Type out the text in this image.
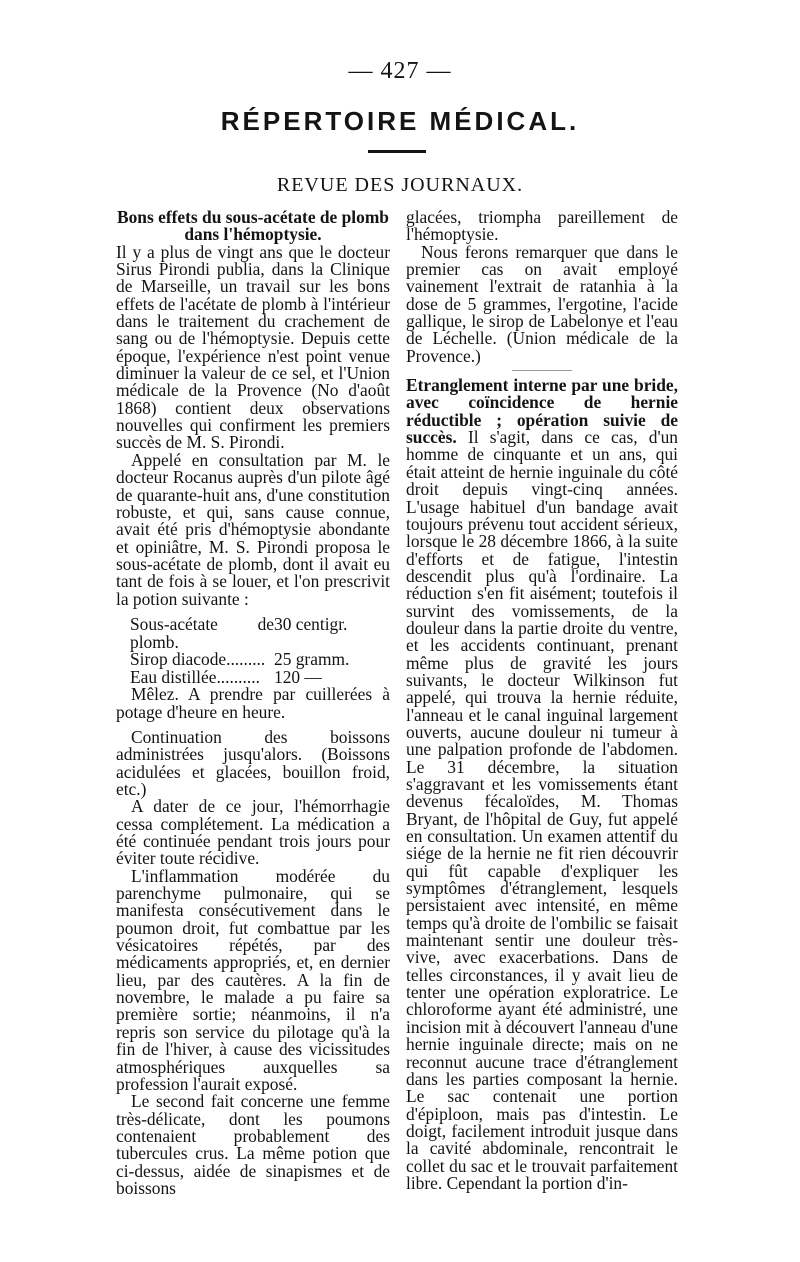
— 427 —
RÉPERTOIRE MÉDICAL.
REVUE DES JOURNAUX.
Bons effets du sous-acétate de plomb dans l'hémoptysie.

Il y a plus de vingt ans que le docteur Sirus Pirondi publia, dans la Clinique de Marseille, un travail sur les bons effets de l'acétate de plomb à l'intérieur dans le traitement du crachement de sang ou de l'hémoptysie. Depuis cette époque, l'expérience n'est point venue diminuer la valeur de ce sel, et l'Union médicale de la Provence (No d'août 1868) contient deux observations nouvelles qui confirment les premiers succès de M. S. Pirondi.

Appelé en consultation par M. le docteur Rocanus auprès d'un pilote âgé de quarante-huit ans, d'une constitution robuste, et qui, sans cause connue, avait été pris d'hémoptysie abondante et opiniâtre, M. S. Pirondi proposa le sous-acétate de plomb, dont il avait eu tant de fois à se louer, et l'on prescrivit la potion suivante :

Sous-acétate de plomb.
30 centigr.
Sirop diacode......... 25 gramm.
Eau distillée.......... 120 —

Mêlez. A prendre par cuillerées à potage d'heure en heure.

Continuation des boissons administrées jusqu'alors. (Boissons acidulées et glacées, bouillon froid, etc.)

A dater de ce jour, l'hémorrhagie cessa complétement. La médication a été continuée pendant trois jours pour éviter toute récidive.

L'inflammation modérée du parenchyme pulmonaire, qui se manifesta consécutivement dans le poumon droit, fut combattue par les vésicatoires répétés, par des médicaments appropriés, et, en dernier lieu, par des cautères. A la fin de novembre, le malade a pu faire sa première sortie; néanmoins, il n'a repris son service du pilotage qu'à la fin de l'hiver, à cause des vicissitudes atmosphériques auxquelles sa profession l'aurait exposé.

Le second fait concerne une femme très-délicate, dont les poumons contenaient probablement des tubercules crus. La même potion que ci-dessus, aidée de sinapismes et de boissons

glacées, triompha pareillement de l'hémoptysie.

Nous ferons remarquer que dans le premier cas on avait employé vainement l'extrait de ratanhia à la dose de 5 grammes, l'ergotine, l'acide gallique, le sirop de Labelonye et l'eau de Léchelle. (Union médicale de la Provence.)

Etranglement interne par une bride, avec coïncidence de hernie réductible ; opération suivie de succès. Il s'agit, dans ce cas, d'un homme de cinquante et un ans, qui était atteint de hernie inguinale du côté droit depuis vingt-cinq années. L'usage habituel d'un bandage avait toujours prévenu tout accident sérieux, lorsque le 28 décembre 1866, à la suite d'efforts et de fatigue, l'intestin descendit plus qu'à l'ordinaire. La réduction s'en fit aisément; toutefois il survint des vomissements, de la douleur dans la partie droite du ventre, et les accidents continuant, prenant même plus de gravité les jours suivants, le docteur Wilkinson fut appelé, qui trouva la hernie réduite, l'anneau et le canal inguinal largement ouverts, aucune douleur ni tumeur à une palpation profonde de l'abdomen. Le 31 décembre, la situation s'aggravant et les vomissements étant devenus fécaloïdes, M. Thomas Bryant, de l'hôpital de Guy, fut appelé en consultation. Un examen attentif du siége de la hernie ne fit rien découvrir qui fût capable d'expliquer les symptômes d'étranglement, lesquels persistaient avec intensité, en même temps qu'à droite de l'ombilic se faisait maintenant sentir une douleur très-vive, avec exacerbations. Dans de telles circonstances, il y avait lieu de tenter une opération exploratrice. Le chloroforme ayant été administré, une incision mit à découvert l'anneau d'une hernie inguinale directe; mais on ne reconnut aucune trace d'étranglement dans les parties composant la hernie. Le sac contenait une portion d'épiploon, mais pas d'intestin. Le doigt, facilement introduit jusque dans la cavité abdominale, rencontrait le collet du sac et le trouvait parfaitement libre. Cependant la portion d'in-
